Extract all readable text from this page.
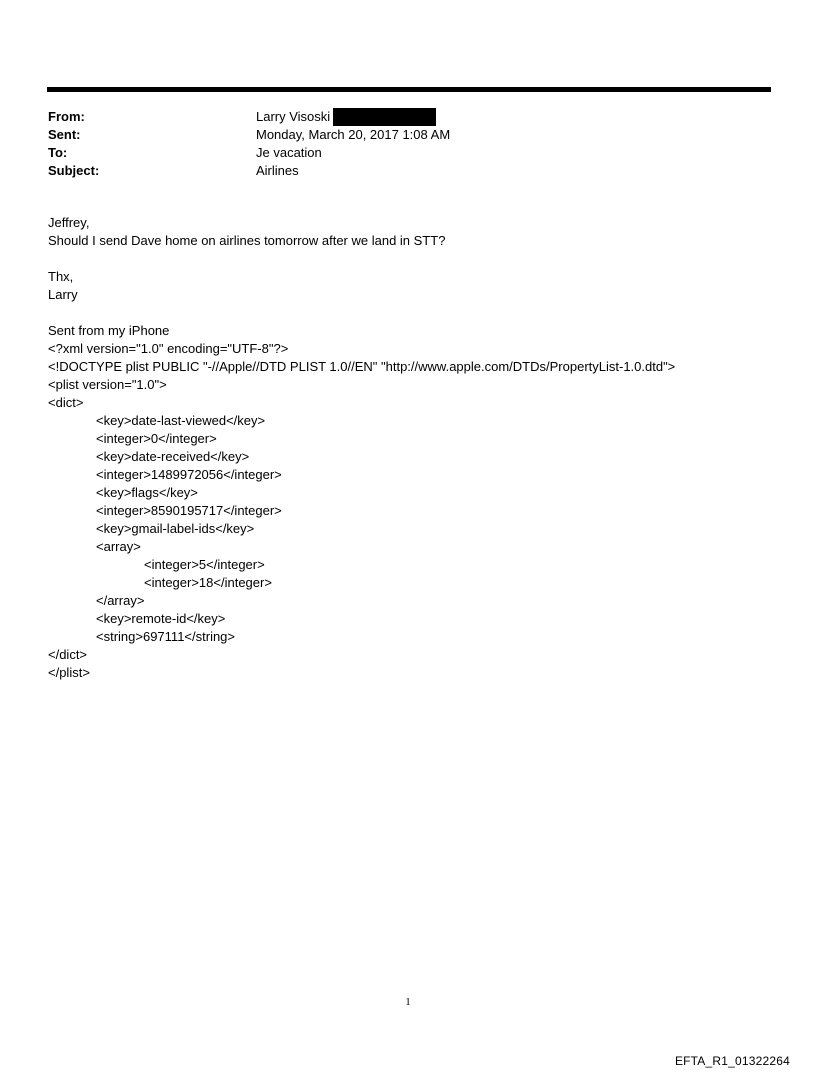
From:	Larry Visoski
Sent:	Monday, March 20, 2017 1:08 AM
To:	Je vacation
Subject:	Airlines
Jeffrey,
Should I send Dave home on airlines tomorrow after we land in STT?
Thx,
Larry
Sent from my iPhone
<?xml version="1.0" encoding="UTF-8"?>
<!DOCTYPE plist PUBLIC "-//Apple//DTD PLIST 1.0//EN" "http://www.apple.com/DTDs/PropertyList-1.0.dtd">
<plist version="1.0">
<dict>
<key>date-last-viewed</key>
<integer>0</integer>
<key>date-received</key>
<integer>1489972056</integer>
<key>flags</key>
<integer>8590195717</integer>
<key>gmail-label-ids</key>
<array>
<integer>5</integer>
<integer>18</integer>
</array>
<key>remote-id</key>
<string>697111</string>
</dict>
</plist>
1
EFTA_R1_01322264
